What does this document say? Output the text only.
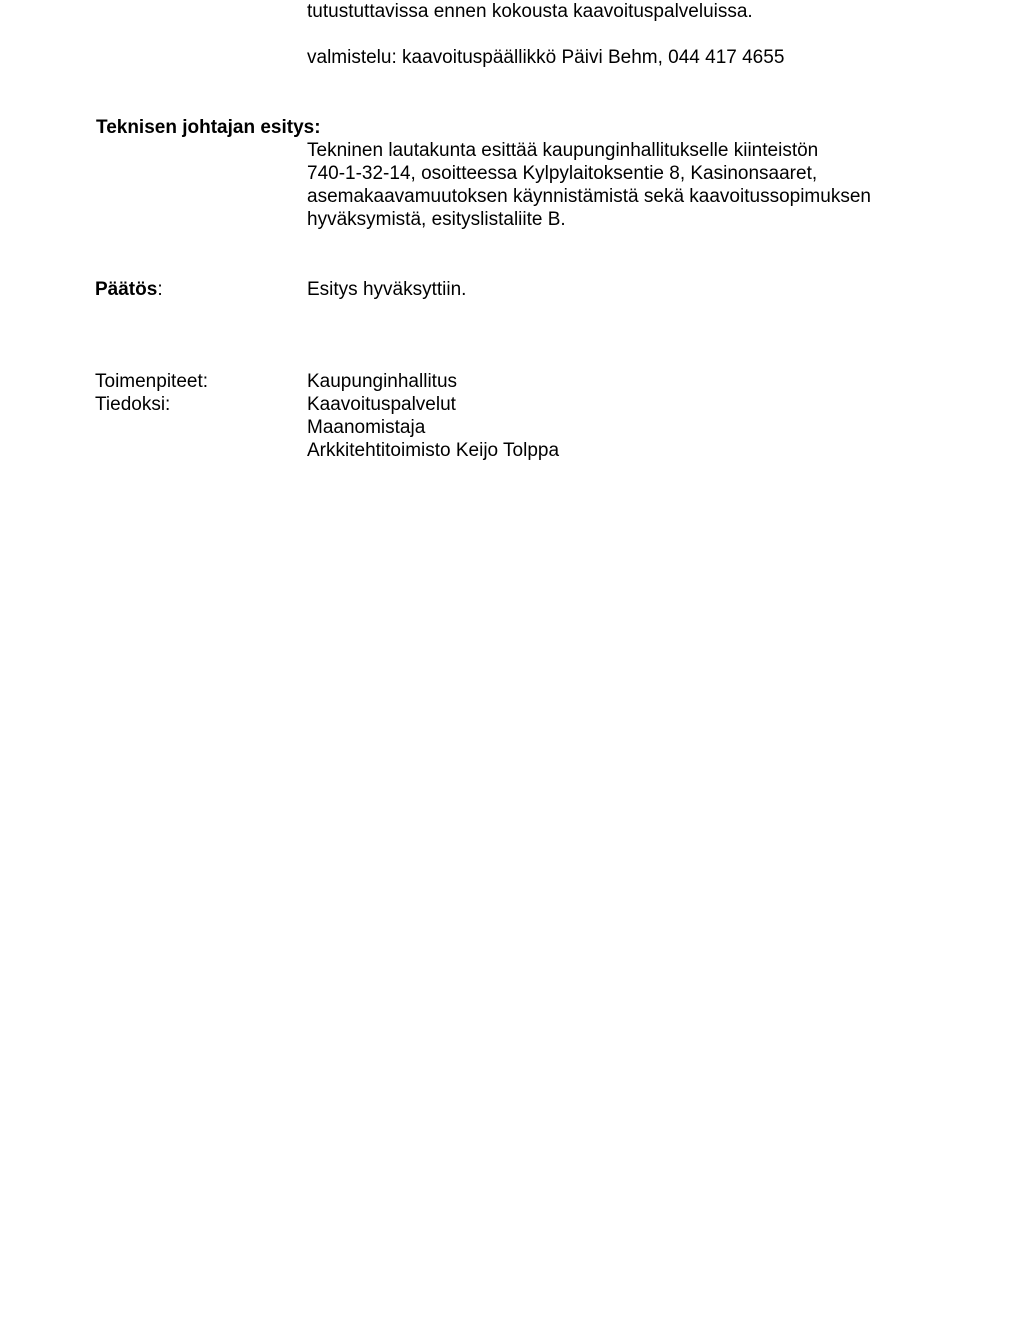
tutustuttavissa ennen kokousta kaavoituspalveluissa.

valmistelu: kaavoituspäällikkö Päivi Behm, 044 417 4655

Teknisen johtajan esitys:

Tekninen lautakunta esittää kaupunginhallitukselle kiinteistön
740-1-32-14, osoitteessa Kylpylaitoksentie 8, Kasinonsaaret,
asemakaavamuutoksen käynnistämistä sekä kaavoitussopimuksen
hyväksymistä, esityslistaliite B.

Päätös:	Esitys hyväksyttiin.

Toimenpiteet:	Kaupunginhallitus

Tiedoksi:	Kaavoituspalvelut
Maanomistaja
Arkkitehtitoimisto Keijo Tolppa
